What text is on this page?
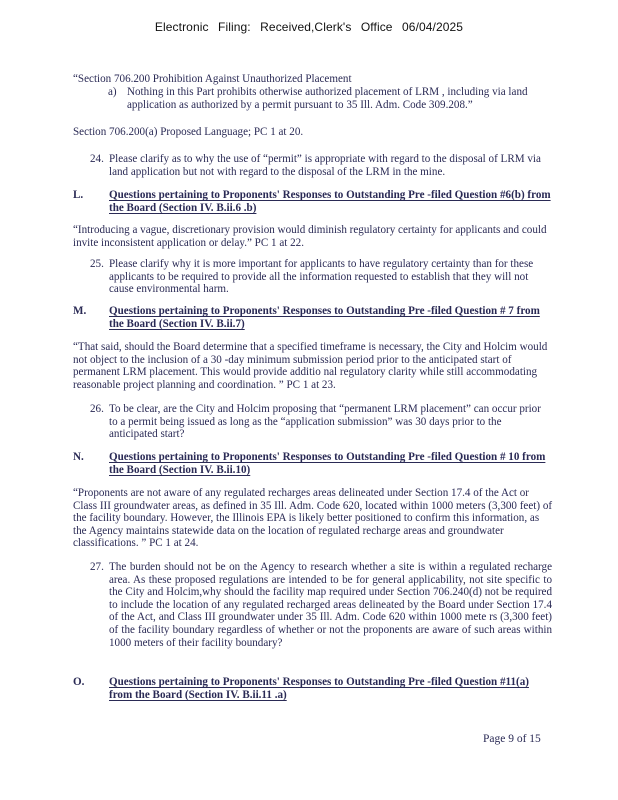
Electronic Filing: Received,Clerk's Office 06/04/2025
“Section 706.200 Prohibition Against Unauthorized Placement
a) Nothing in this Part prohibits otherwise authorized placement of LRM , including via land application as authorized by a permit pursuant to 35 Ill. Adm. Code 309.208.”
Section 706.200(a) Proposed Language; PC 1 at 20.
24. Please clarify as to why the use of “permit” is appropriate with regard to the disposal of LRM via land application but not with regard to the disposal of the LRM in the mine.
L. Questions pertaining to Proponents' Responses to Outstanding Pre -filed Question #6(b) from the Board (Section IV. B.ii.6 .b)
“Introducing a vague, discretionary provision would diminish regulatory certainty for applicants and could invite inconsistent application or delay.” PC 1 at 22.
25. Please clarify why it is more important for applicants to have regulatory certainty than for these applicants to be required to provide all the information requested to establish that they will not cause environmental harm.
M. Questions pertaining to Proponents' Responses to Outstanding Pre -filed Question # 7 from the Board (Section IV. B.ii.7)
“That said, should the Board determine that a specified timeframe is necessary, the City and Holcim would not object to the inclusion of a 30 -day minimum submission period prior to the anticipated start of permanent LRM placement. This would provide additio nal regulatory clarity while still accommodating reasonable project planning and coordination. ” PC 1 at 23.
26. To be clear, are the City and Holcim proposing that “permanent LRM placement” can occur prior to a permit being issued as long as the “application submission” was 30 days prior to the anticipated start?
N. Questions pertaining to Proponents' Responses to Outstanding Pre -filed Question # 10 from the Board (Section IV. B.ii.10)
“Proponents are not aware of any regulated recharges areas delineated under Section 17.4 of the Act or Class III groundwater areas, as defined in 35 Ill. Adm. Code 620, located within 1000 meters (3,300 feet) of the facility boundary. However, the Illinois EPA is likely better positioned to confirm this information, as the Agency maintains statewide data on the location of regulated recharge areas and groundwater classifications. ” PC 1 at 24.
27. The burden should not be on the Agency to research whether a site is within a regulated recharge area. As these proposed regulations are intended to be for general applicability, not site specific to the City and Holcim,why should the facility map required under Section 706.240(d) not be required to include the location of any regulated recharged areas delineated by the Board under Section 17.4 of the Act, and Class III groundwater under 35 Ill. Adm. Code 620 within 1000 mete rs (3,300 feet) of the facility boundary regardless of whether or not the proponents are aware of such areas within 1000 meters of their facility boundary?
O. Questions pertaining to Proponents' Responses to Outstanding Pre -filed Question #11(a) from the Board (Section IV. B.ii.11 .a)
Page 9 of 15
